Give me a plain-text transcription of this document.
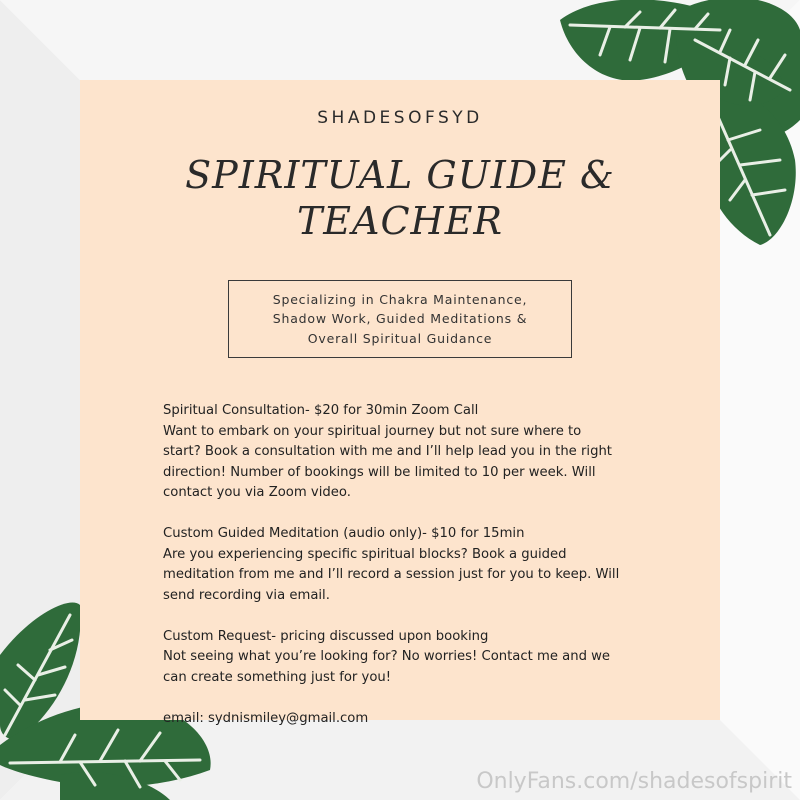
SHADESOFSYD
SPIRITUAL GUIDE &
TEACHER
Specializing in Chakra Maintenance,
Shadow Work, Guided Meditations &
Overall Spiritual Guidance

Spiritual Consultation- $20 for 30min Zoom Call
Want to embark on your spiritual journey but not sure where to
start? Book a consultation with me and I’ll help lead you in the right
direction! Number of bookings will be limited to 10 per week. Will
contact you via Zoom video.

Custom Guided Meditation (audio only)- $10 for 15min
Are you experiencing specific spiritual blocks? Book a guided
meditation from me and I’ll record a session just for you to keep. Will
send recording via email.

Custom Request- pricing discussed upon booking
Not seeing what you’re looking for? No worries! Contact me and we
can create something just for you!

email: sydnismiley@gmail.com

OnlyFans.com/shadesofspirit
